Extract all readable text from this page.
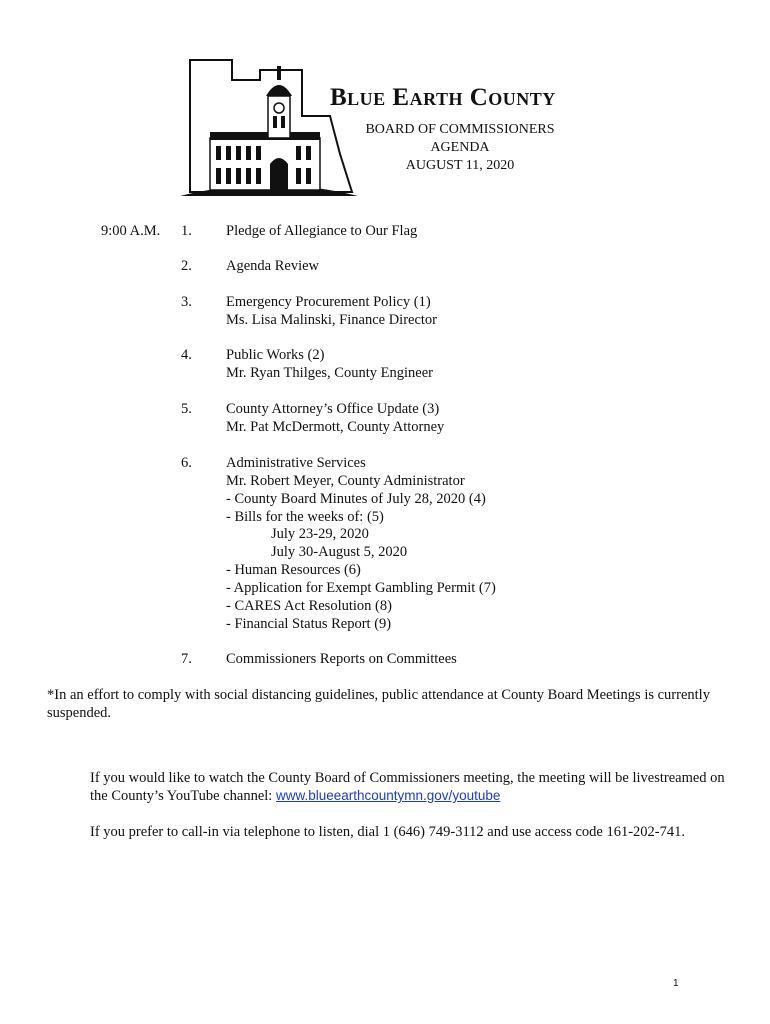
Blue Earth County
BOARD OF COMMISSIONERS
AGENDA
AUGUST 11, 2020
9:00 A.M. 1. Pledge of Allegiance to Our Flag
2. Agenda Review
3. Emergency Procurement Policy (1)
Ms. Lisa Malinski, Finance Director
4. Public Works (2)
Mr. Ryan Thilges, County Engineer
5. County Attorney’s Office Update (3)
Mr. Pat McDermott, County Attorney
6. Administrative Services
Mr. Robert Meyer, County Administrator
- County Board Minutes of July 28, 2020 (4)
- Bills for the weeks of: (5)
July 23-29, 2020
July 30-August 5, 2020
- Human Resources (6)
- Application for Exempt Gambling Permit (7)
- CARES Act Resolution (8)
- Financial Status Report (9)
7. Commissioners Reports on Committees
*In an effort to comply with social distancing guidelines, public attendance at County Board Meetings is currently suspended.
If you would like to watch the County Board of Commissioners meeting, the meeting will be livestreamed on the County’s YouTube channel: www.blueearthcountymn.gov/youtube
If you prefer to call-in via telephone to listen, dial 1 (646) 749-3112 and use access code 161-202-741.
1
